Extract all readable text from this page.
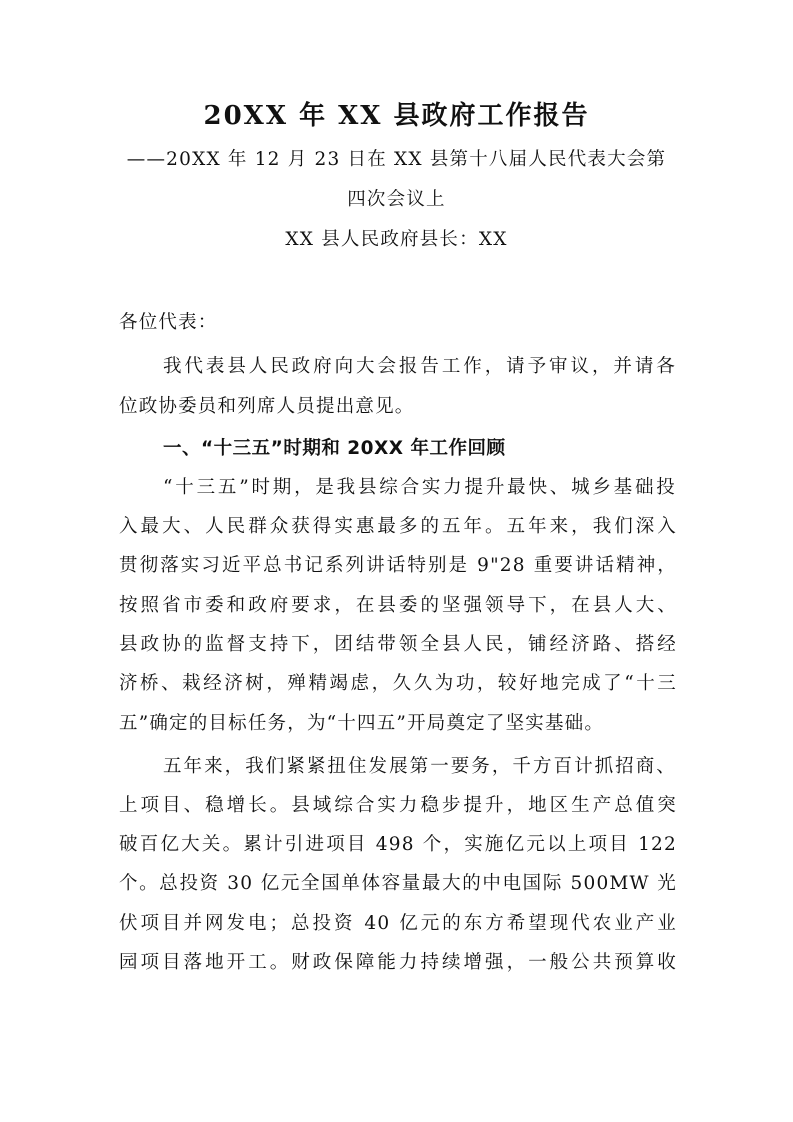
20XX 年 XX 县政府工作报告
——20XX 年 12 月 23 日在 XX 县第十八届人民代表大会第
四次会议上
XX 县人民政府县长：XX
各位代表：
我代表县人民政府向大会报告工作，请予审议，并请各
位政协委员和列席人员提出意见。
一、“十三五”时期和 20XX 年工作回顾
“十三五”时期，是我县综合实力提升最快、城乡基础投
入最大、人民群众获得实惠最多的五年。五年来，我们深入
贯彻落实习近平总书记系列讲话特别是 9"28 重要讲话精神，
按照省市委和政府要求，在县委的坚强领导下，在县人大、
县政协的监督支持下，团结带领全县人民，铺经济路、搭经
济桥、栽经济树，殚精竭虑，久久为功，较好地完成了“十三
五”确定的目标任务，为“十四五”开局奠定了坚实基础。
五年来，我们紧紧扭住发展第一要务，千方百计抓招商、
上项目、稳增长。县域综合实力稳步提升，地区生产总值突
破百亿大关。累计引进项目 498 个，实施亿元以上项目 122
个。总投资 30 亿元全国单体容量最大的中电国际 500MW 光
伏项目并网发电；总投资 40 亿元的东方希望现代农业产业
园项目落地开工。财政保障能力持续增强，一般公共预算收
